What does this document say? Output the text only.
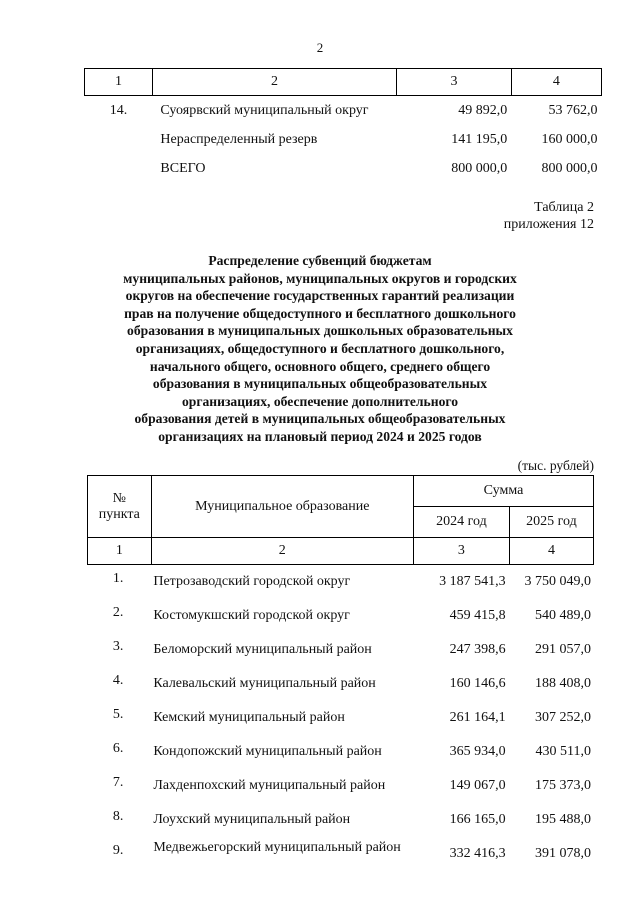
2
1	2	3	4
14.	Суоярвский муниципальный округ	49 892,0	53 762,0
	Нераспределенный резерв	141 195,0	160 000,0
	ВСЕГО	800 000,0	800 000,0
Таблица 2
приложения 12
Распределение субвенций бюджетам
муниципальных районов, муниципальных округов и городских
округов на обеспечение государственных гарантий реализации
прав на получение общедоступного и бесплатного дошкольного
образования в муниципальных дошкольных образовательных
организациях, общедоступного и бесплатного дошкольного,
начального общего, основного общего, среднего общего
образования в муниципальных общеобразовательных
организациях, обеспечение дополнительного
образования детей в муниципальных общеобразовательных
организациях на плановый период 2024 и 2025 годов
(тыс. рублей)
№
пункта	Муниципальное образование	Сумма	
		2024 год	2025 год
1	2	3	4
1.	Петрозаводский городской округ	3 187 541,3	3 750 049,0
2.	Костомукшский городской округ	459 415,8	540 489,0
3.	Беломорский муниципальный район	247 398,6	291 057,0
4.	Калевальский муниципальный район	160 146,6	188 408,0
5.	Кемский муниципальный район	261 164,1	307 252,0
6.	Кондопожский муниципальный район	365 934,0	430 511,0
7.	Лахденпохский муниципальный район	149 067,0	175 373,0
8.	Лоухский муниципальный район	166 165,0	195 488,0
9.	Медвежьегорский муниципальный район	332 416,3	391 078,0
